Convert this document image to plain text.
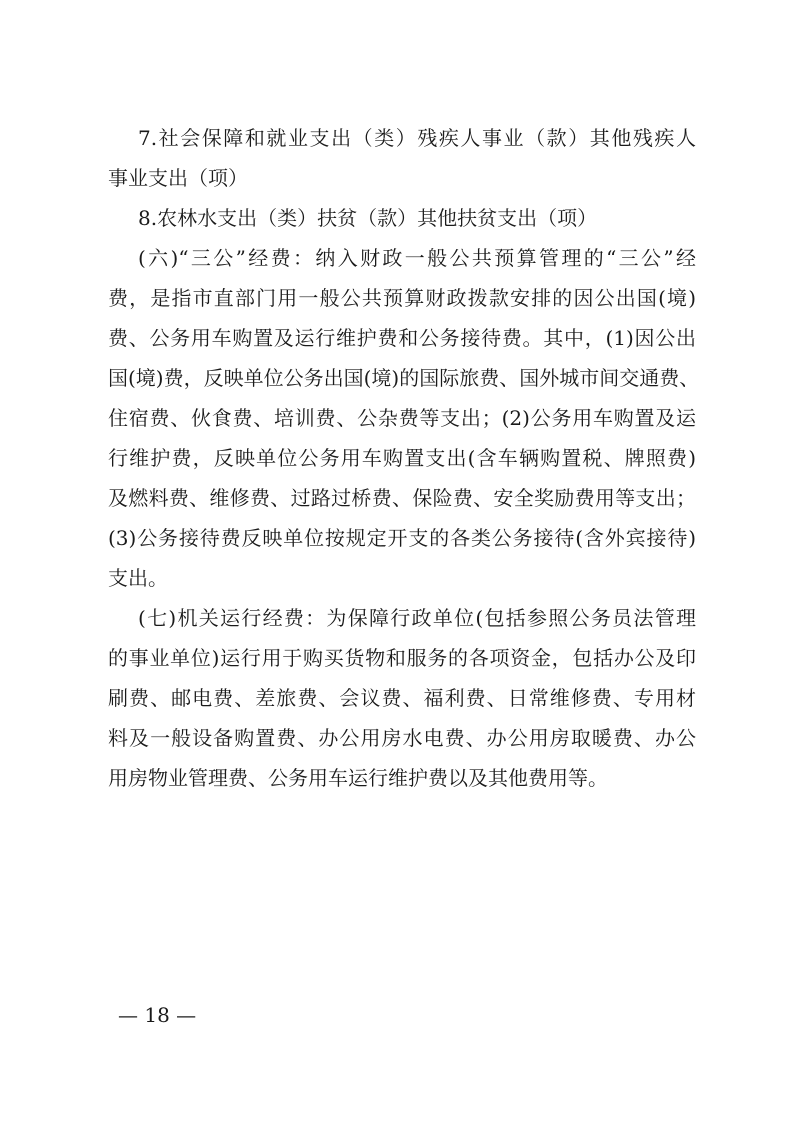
7.社会保障和就业支出（类）残疾人事业（款）其他残疾人
事业支出（项）
8.农林水支出（类）扶贫（款）其他扶贫支出（项）
(六)“三公”经费：纳入财政一般公共预算管理的“三公”经
费，是指市直部门用一般公共预算财政拨款安排的因公出国(境)
费、公务用车购置及运行维护费和公务接待费。其中，(1)因公出
国(境)费，反映单位公务出国(境)的国际旅费、国外城市间交通费、
住宿费、伙食费、培训费、公杂费等支出；(2)公务用车购置及运
行维护费，反映单位公务用车购置支出(含车辆购置税、牌照费)
及燃料费、维修费、过路过桥费、保险费、安全奖励费用等支出；
(3)公务接待费反映单位按规定开支的各类公务接待(含外宾接待)
支出。
(七)机关运行经费：为保障行政单位(包括参照公务员法管理
的事业单位)运行用于购买货物和服务的各项资金，包括办公及印
刷费、邮电费、差旅费、会议费、福利费、日常维修费、专用材
料及一般设备购置费、办公用房水电费、办公用房取暖费、办公
用房物业管理费、公务用车运行维护费以及其他费用等。
— 18 —
